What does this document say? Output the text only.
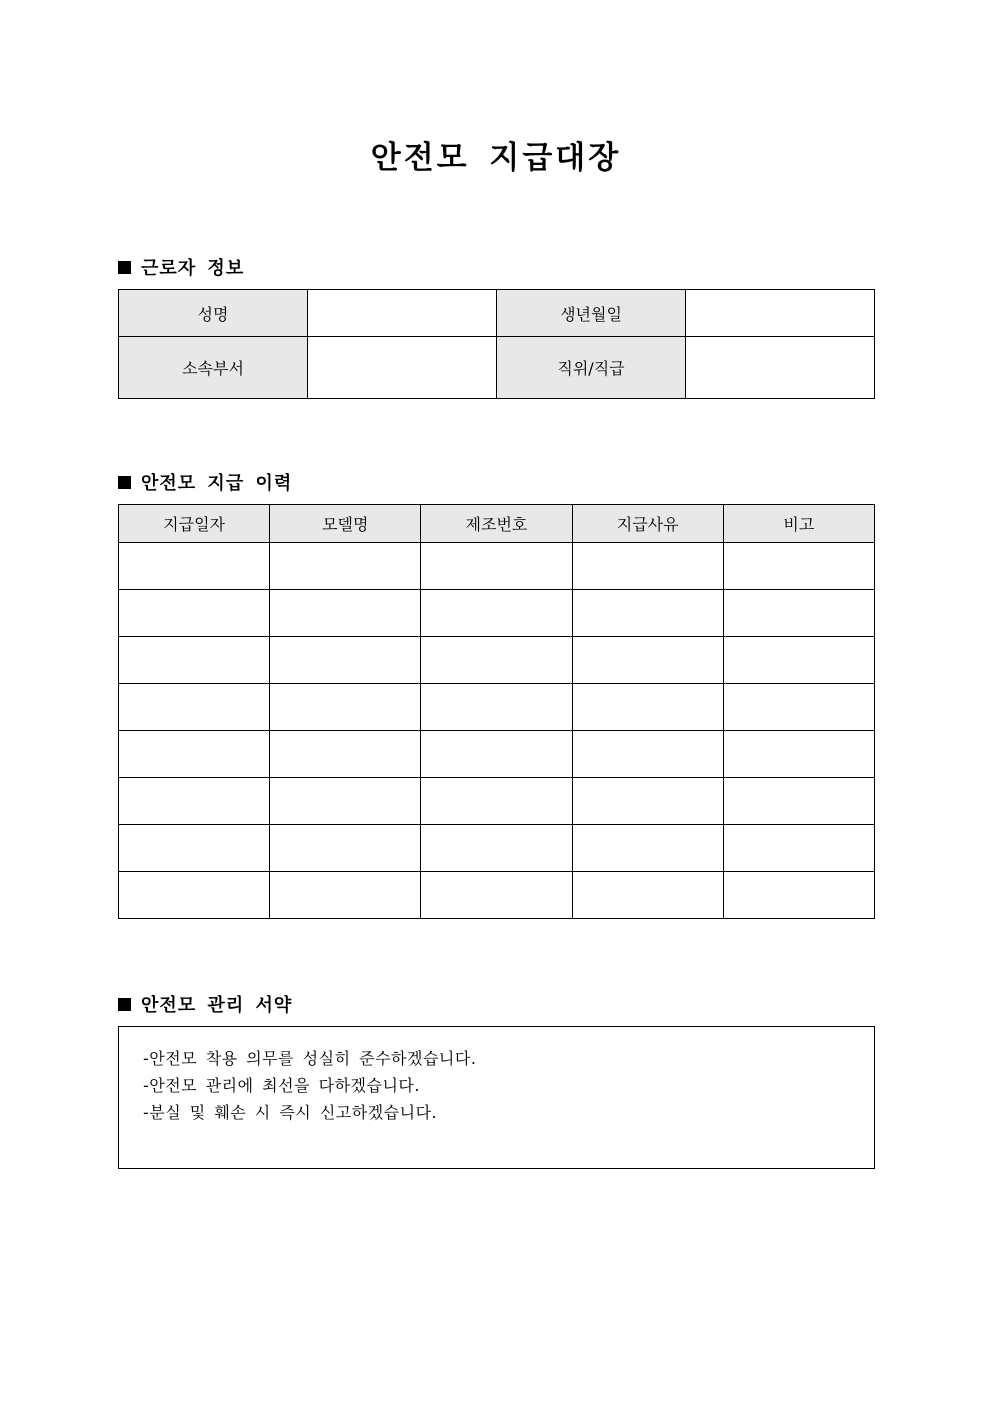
안전모 지급대장
근로자 정보
성명		생년월일	
소속부서		직위/직급	
안전모 지급 이력
지급일자	모델명	제조번호	지급사유	비고

안전모 관리 서약
-안전모 착용 의무를 성실히 준수하겠습니다.
-안전모 관리에 최선을 다하겠습니다.
-분실 및 훼손 시 즉시 신고하겠습니다.
